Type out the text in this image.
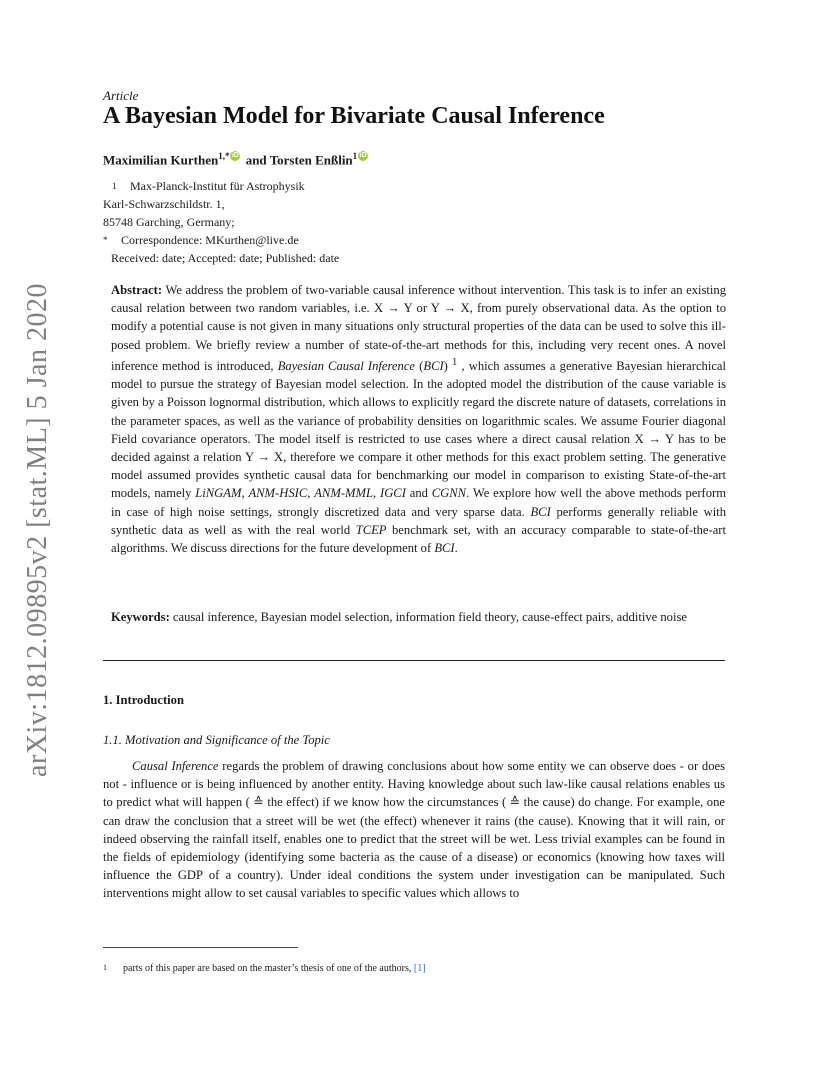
arXiv:1812.09895v2 [stat.ML] 5 Jan 2020
Article
A Bayesian Model for Bivariate Causal Inference
Maximilian Kurthen$^{1,*}$ iD and Torsten Enßlin$^1$ iD
1 Max-Planck-Institut für Astrophysik
Karl-Schwarzschildstr. 1,
85748 Garching, Germany;
* Correspondence: MKurthen@live.de
Received: date; Accepted: date; Published: date
Abstract: We address the problem of two-variable causal inference without intervention. This task is to infer an existing causal relation between two random variables, i.e. X → Y or Y → X, from purely observational data. As the option to modify a potential cause is not given in many situations only structural properties of the data can be used to solve this ill-posed problem. We briefly review a number of state-of-the-art methods for this, including very recent ones. A novel inference method is introduced, Bayesian Causal Inference (BCI) $^1$ , which assumes a generative Bayesian hierarchical model to pursue the strategy of Bayesian model selection. In the adopted model the distribution of the cause variable is given by a Poisson lognormal distribution, which allows to explicitly regard the discrete nature of datasets, correlations in the parameter spaces, as well as the variance of probability densities on logarithmic scales. We assume Fourier diagonal Field covariance operators. The model itself is restricted to use cases where a direct causal relation X → Y has to be decided against a relation Y → X, therefore we compare it other methods for this exact problem setting. The generative model assumed provides synthetic causal data for benchmarking our model in comparison to existing State-of-the-art models, namely LiNGAM, ANM-HSIC, ANM-MML, IGCI and CGNN. We explore how well the above methods perform in case of high noise settings, strongly discretized data and very sparse data. BCI performs generally reliable with synthetic data as well as with the real world TCEP benchmark set, with an accuracy comparable to state-of-the-art algorithms. We discuss directions for the future development of BCI.
Keywords: causal inference, Bayesian model selection, information field theory, cause-effect pairs, additive noise
1. Introduction
1.1. Motivation and Significance of the Topic
Causal Inference regards the problem of drawing conclusions about how some entity we can observe does - or does not - influence or is being influenced by another entity. Having knowledge about such law-like causal relations enables us to predict what will happen ( ≙ the effect) if we know how the circumstances ( ≙ the cause) do change. For example, one can draw the conclusion that a street will be wet (the effect) whenever it rains (the cause). Knowing that it will rain, or indeed observing the rainfall itself, enables one to predict that the street will be wet. Less trivial examples can be found in the fields of epidemiology (identifying some bacteria as the cause of a disease) or economics (knowing how taxes will influence the GDP of a country). Under ideal conditions the system under investigation can be manipulated. Such interventions might allow to set causal variables to specific values which allows to
1 parts of this paper are based on the master’s thesis of one of the authors, [1]
